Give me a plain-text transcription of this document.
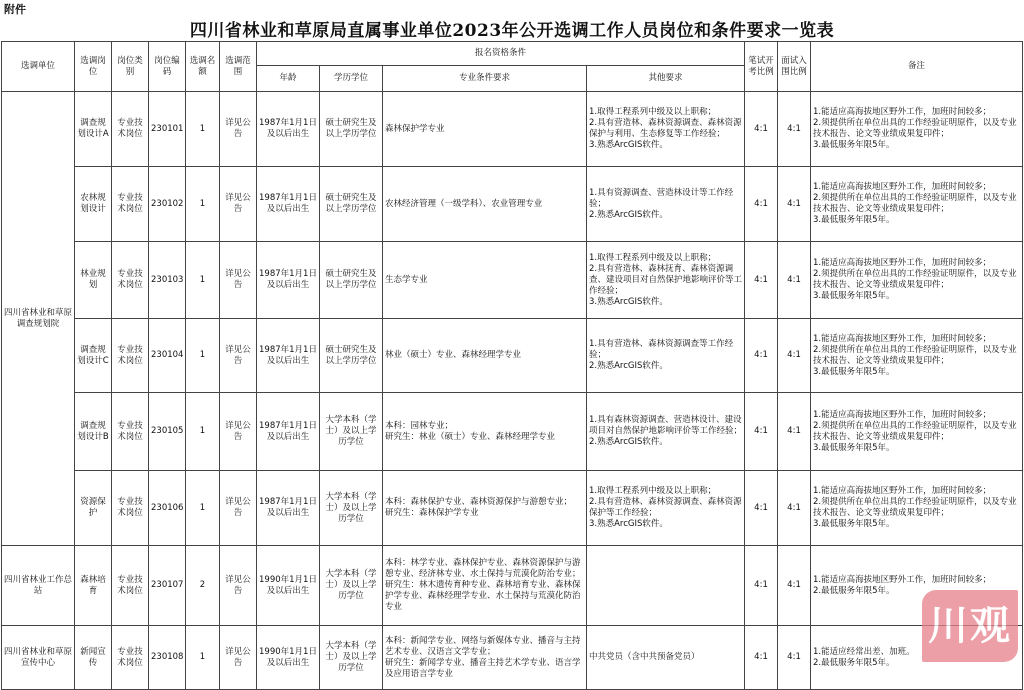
附件
四川省林业和草原局直属事业单位2023年公开选调工作人员岗位和条件要求一览表
选调单位	选调岗位	岗位类别	岗位编码	选调名额	选调范围	报名资格条件				笔试开考比例	面试入围比例	备注
						年龄	学历学位	专业条件要求	其他要求			
四川省林业和草原调查规划院	调查规划设计A	专业技术岗位	230101	1	详见公告	1987年1月1日及以后出生	硕士研究生及以上学历学位	森林保护学专业	1.取得工程系列中级及以上职称；
2.具有营造林、森林资源调查、森林资源保护与利用、生态修复等工作经验；
3.熟悉ArcGIS软件。	4:1	4:1	1.能适应高海拔地区野外工作，加班时间较多；
2.须提供所在单位出具的工作经验证明原件，以及专业技术报告、论文等业绩成果复印件；
3.最低服务年限5年。
	农林规划设计	专业技术岗位	230102	1	详见公告	1987年1月1日及以后出生	硕士研究生及以上学历学位	农林经济管理（一级学科）、农业管理专业	1.具有资源调查、营造林设计等工作经验；
2.熟悉ArcGIS软件。	4:1	4:1	1.能适应高海拔地区野外工作，加班时间较多；
2.须提供所在单位出具的工作经验证明原件，以及专业技术报告、论文等业绩成果复印件；
3.最低服务年限5年。
	林业规划	专业技术岗位	230103	1	详见公告	1987年1月1日及以后出生	硕士研究生及以上学历学位	生态学专业	1.取得工程系列中级及以上职称；
2.具有营造林、森林抚育、森林资源调查、建设项目对自然保护地影响评价等工作经验；
3.熟悉ArcGIS软件。	4:1	4:1	1.能适应高海拔地区野外工作，加班时间较多；
2.须提供所在单位出具的工作经验证明原件，以及专业技术报告、论文等业绩成果复印件；
3.最低服务年限5年。
	调查规划设计C	专业技术岗位	230104	1	详见公告	1987年1月1日及以后出生	硕士研究生及以上学历学位	林业（硕士）专业、森林经理学专业	1.具有营造林、森林资源调查等工作经验；
2.熟悉ArcGIS软件。	4:1	4:1	1.能适应高海拔地区野外工作，加班时间较多；
2.须提供所在单位出具的工作经验证明原件，以及专业技术报告、论文等业绩成果复印件；
3.最低服务年限5年。
	调查规划设计B	专业技术岗位	230105	1	详见公告	1987年1月1日及以后出生	大学本科（学士）及以上学历学位	本科：园林专业；
研究生：林业（硕士）专业、森林经理学专业	1.具有森林资源调查、营造林设计、建设项目对自然保护地影响评价等工作经验；
2.熟悉ArcGIS软件。	4:1	4:1	1.能适应高海拔地区野外工作，加班时间较多；
2.须提供所在单位出具的工作经验证明原件，以及专业技术报告、论文等业绩成果复印件；
3.最低服务年限5年。
	资源保护	专业技术岗位	230106	1	详见公告	1987年1月1日及以后出生	大学本科（学士）及以上学历学位	本科：森林保护专业、森林资源保护与游憩专业；
研究生：森林保护学专业	1.取得工程系列中级及以上职称；
2.具有营造林、森林资源调查、森林资源保护等工作经验；
3.熟悉ArcGIS软件。	4:1	4:1	1.能适应高海拔地区野外工作，加班时间较多；
2.须提供所在单位出具的工作经验证明原件，以及专业技术报告、论文等业绩成果复印件；
3.最低服务年限5年。
四川省林业工作总站	森林培育	专业技术岗位	230107	2	详见公告	1990年1月1日及以后出生	大学本科（学士）及以上学历学位	本科：林学专业、森林保护专业、森林资源保护与游憩专业、经济林专业、水土保持与荒漠化防治专业；
研究生：林木遗传育种专业、森林培育专业、森林保护学专业、森林经理学专业、水土保持与荒漠化防治专业		4:1	4:1	1.能适应高海拔地区野外工作，加班时间较多；
2.最低服务年限5年。
四川省林业和草原宣传中心	新闻宣传	专业技术岗位	230108	1	详见公告	1990年1月1日及以后出生	大学本科（学士）及以上学历学位	本科：新闻学专业、网络与新媒体专业、播音与主持艺术专业、汉语言文学专业；
研究生：新闻学专业、播音主持艺术学专业、语言学及应用语言学专业	中共党员（含中共预备党员）	4:1	4:1	1.能适应经常出差、加班。
2.最低服务年限5年。
川观
